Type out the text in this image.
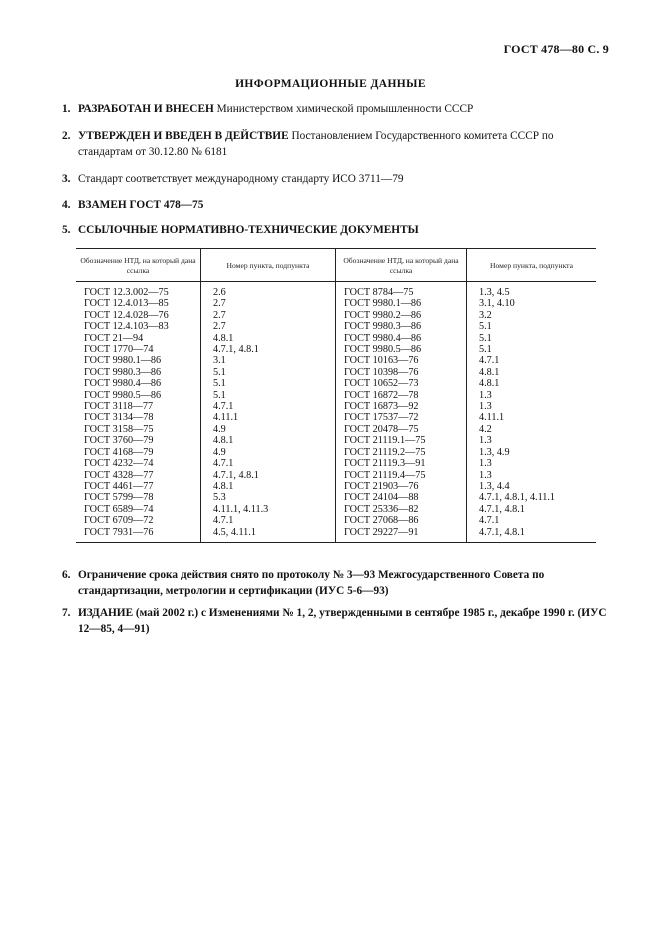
ГОСТ 478—80 С. 9
ИНФОРМАЦИОННЫЕ ДАННЫЕ
1. РАЗРАБОТАН И ВНЕСЕН Министерством химической промышленности СССР
2. УТВЕРЖДЕН И ВВЕДЕН В ДЕЙСТВИЕ Постановлением Государственного комитета СССР по стандартам от 30.12.80 № 6181
3. Стандарт соответствует международному стандарту ИСО 3711—79
4. ВЗАМЕН ГОСТ 478—75
5. ССЫЛОЧНЫЕ НОРМАТИВНО-ТЕХНИЧЕСКИЕ ДОКУМЕНТЫ
Обозначение НТД, на который дана ссылка	Номер пункта, подпункта	Обозначение НТД, на который дана ссылка	Номер пункта, подпункта
ГОСТ 12.3.002—75	2.6	ГОСТ 8784—75	1.3, 4.5
ГОСТ 12.4.013—85	2.7	ГОСТ 9980.1—86	3.1, 4.10
ГОСТ 12.4.028—76	2.7	ГОСТ 9980.2—86	3.2
ГОСТ 12.4.103—83	2.7	ГОСТ 9980.3—86	5.1
ГОСТ 21—94	4.8.1	ГОСТ 9980.4—86	5.1
ГОСТ 1770—74	4.7.1, 4.8.1	ГОСТ 9980.5—86	5.1
ГОСТ 9980.1—86	3.1	ГОСТ 10163—76	4.7.1
ГОСТ 9980.3—86	5.1	ГОСТ 10398—76	4.8.1
ГОСТ 9980.4—86	5.1	ГОСТ 10652—73	4.8.1
ГОСТ 9980.5—86	5.1	ГОСТ 16872—78	1.3
ГОСТ 3118—77	4.7.1	ГОСТ 16873—92	1.3
ГОСТ 3134—78	4.11.1	ГОСТ 17537—72	4.11.1
ГОСТ 3158—75	4.9	ГОСТ 20478—75	4.2
ГОСТ 3760—79	4.8.1	ГОСТ 21119.1—75	1.3
ГОСТ 4168—79	4.9	ГОСТ 21119.2—75	1.3, 4.9
ГОСТ 4232—74	4.7.1	ГОСТ 21119.3—91	1.3
ГОСТ 4328—77	4.7.1, 4.8.1	ГОСТ 21119.4—75	1.3
ГОСТ 4461—77	4.8.1	ГОСТ 21903—76	1.3, 4.4
ГОСТ 5799—78	5.3	ГОСТ 24104—88	4.7.1, 4.8.1, 4.11.1
ГОСТ 6589—74	4.11.1, 4.11.3	ГОСТ 25336—82	4.7.1, 4.8.1
ГОСТ 6709—72	4.7.1	ГОСТ 27068—86	4.7.1
ГОСТ 7931—76	4.5, 4.11.1	ГОСТ 29227—91	4.7.1, 4.8.1
6. Ограничение срока действия снято по протоколу № 3—93 Межгосударственного Совета по стандартизации, метрологии и сертификации (ИУС 5-6—93)
7. ИЗДАНИЕ (май 2002 г.) с Изменениями № 1, 2, утвержденными в сентябре 1985 г., декабре 1990 г. (ИУС 12—85, 4—91)
